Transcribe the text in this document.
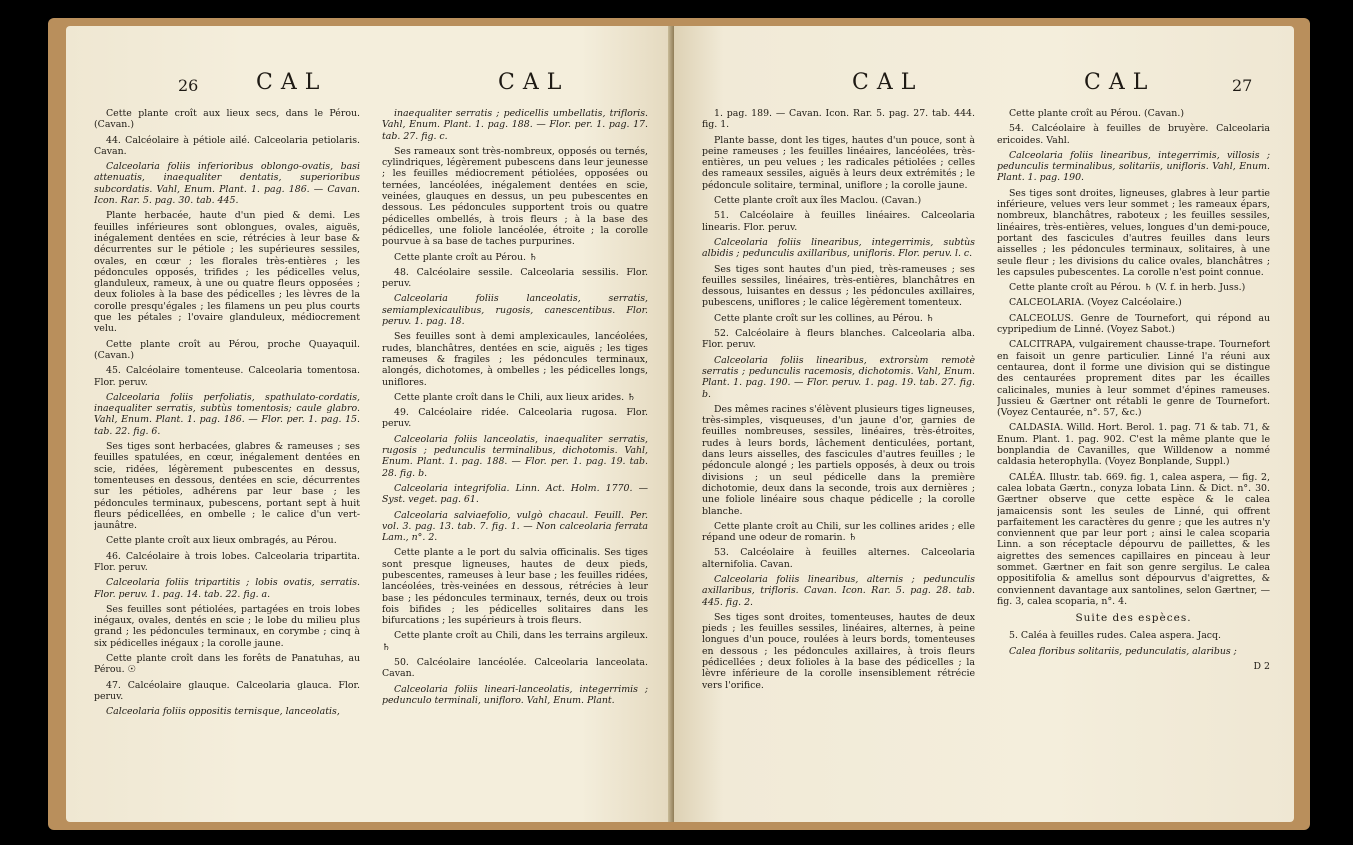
26	CAL	CAL

Cette plante croît aux lieux secs, dans le Pérou. (Cavan.)

44. Calcéolaire à pétiole ailé. Calceolaria petiolaris. Cavan.

Calceolaria foliis inferioribus oblongo-ovatis, basi attenuatis, inaequaliter dentatis, superioribus subcordatis. Vahl, Enum. Plant. 1. pag. 186. — Cavan. Icon. Rar. 5. pag. 30. tab. 445.

Plante herbacée, haute d'un pied & demi. Les feuilles inférieures sont oblongues, ovales, aiguës, inégalement dentées en scie, rétrécies à leur base & décurrentes sur le pétiole ; les supérieures sessiles, ovales, en cœur ; les florales très-entières ; les pédoncules opposés, trifides ; les pédicelles velus, glanduleux, rameux, à une ou quatre fleurs opposées ; deux folioles à la base des pédicelles ; les lèvres de la corolle presqu'égales ; les filamens un peu plus courts que les pétales ; l'ovaire glanduleux, médiocrement velu.

Cette plante croît au Pérou, proche Quayaquil. (Cavan.)

45. Calcéolaire tomenteuse. Calceolaria tomentosa. Flor. peruv.

Calceolaria foliis perfoliatis, spathulato-cordatis, inaequaliter serratis, subtùs tomentosis; caule glabro. Vahl, Enum. Plant. 1. pag. 186. — Flor. per. 1. pag. 15. tab. 22. fig. 6.

Ses tiges sont herbacées, glabres & rameuses ; ses feuilles spatulées, en cœur, inégalement dentées en scie, ridées, légèrement pubescentes en dessus, tomenteuses en dessous, dentées en scie, décurrentes sur les pétioles, adhérens par leur base ; les pédoncules terminaux, pubescens, portant sept à huit fleurs pédicellées, en ombelle ; le calice d'un vert-jaunâtre.

Cette plante croît aux lieux ombragés, au Pérou.

46. Calcéolaire à trois lobes. Calceolaria tripartita. Flor. peruv.

Calceolaria foliis tripartitis ; lobis ovatis, serratis. Flor. peruv. 1. pag. 14. tab. 22. fig. a.

Ses feuilles sont pétiolées, partagées en trois lobes inégaux, ovales, dentés en scie ; le lobe du milieu plus grand ; les pédoncules terminaux, en corymbe ; cinq à six pédicelles inégaux ; la corolle jaune.

Cette plante croît dans les forêts de Panatuhas, au Pérou. ☉

47. Calcéolaire glauque. Calceolaria glauca. Flor. peruv.

Calceolaria foliis oppositis ternisque, lanceolatis,

inaequaliter serratis ; pedicellis umbellatis, trifloris. Vahl, Enum. Plant. 1. pag. 188. — Flor. per. 1. pag. 17. tab. 27. fig. c.

Ses rameaux sont très-nombreux, opposés ou ternés, cylindriques, légèrement pubescens dans leur jeunesse ; les feuilles médiocrement pétiolées, opposées ou ternées, lancéolées, inégalement dentées en scie, veinées, glauques en dessus, un peu pubescentes en dessous. Les pédoncules supportent trois ou quatre pédicelles ombellés, à trois fleurs ; à la base des pédicelles, une foliole lancéolée, étroite ; la corolle pourvue à sa base de taches purpurines.

Cette plante croît au Pérou. ♄

48. Calcéolaire sessile. Calceolaria sessilis. Flor. peruv.

Calceolaria foliis lanceolatis, serratis, semiamplexicaulibus, rugosis, canescentibus. Flor. peruv. 1. pag. 18.

Ses feuilles sont à demi amplexicaules, lancéolées, rudes, blanchâtres, dentées en scie, aiguës ; les tiges rameuses & fragiles ; les pédoncules terminaux, alongés, dichotomes, à ombelles ; les pédicelles longs, uniflores.

Cette plante croît dans le Chili, aux lieux arides. ♄

49. Calcéolaire ridée. Calceolaria rugosa. Flor. peruv.

Calceolaria foliis lanceolatis, inaequaliter serratis, rugosis ; pedunculis terminalibus, dichotomis. Vahl, Enum. Plant. 1. pag. 188. — Flor. per. 1. pag. 19. tab. 28. fig. b.

Calceolaria integrifolia. Linn. Act. Holm. 1770. — Syst. veget. pag. 61.

Calceolaria salviaefolio, vulgò chacaul. Feuill. Per. vol. 3. pag. 13. tab. 7. fig. 1. — Non calceolaria ferrata Lam., n°. 2.

Cette plante a le port du salvia officinalis. Ses tiges sont presque ligneuses, hautes de deux pieds, pubescentes, rameuses à leur base ; les feuilles ridées, lancéolées, très-veinées en dessous, rétrécies à leur base ; les pédoncules terminaux, ternés, deux ou trois fois bifides ; les pédicelles solitaires dans les bifurcations ; les supérieurs à trois fleurs.

Cette plante croît au Chili, dans les terrains argileux. ♄

50. Calcéolaire lancéolée. Calceolaria lanceolata. Cavan.

Calceolaria foliis lineari-lanceolatis, integerrimis ; pedunculo terminali, unifloro. Vahl, Enum. Plant.

CAL	CAL	27

1. pag. 189. — Cavan. Icon. Rar. 5. pag. 27. tab. 444. fig. 1.

Plante basse, dont les tiges, hautes d'un pouce, sont à peine rameuses ; les feuilles linéaires, lancéolées, très-entières, un peu velues ; les radicales pétiolées ; celles des rameaux sessiles, aiguës à leurs deux extrémités ; le pédoncule solitaire, terminal, uniflore ; la corolle jaune.

Cette plante croît aux îles Maclou. (Cavan.)

51. Calcéolaire à feuilles linéaires. Calceolaria linearis. Flor. peruv.

Calceolaria foliis linearibus, integerrimis, subtùs albidis ; pedunculis axillaribus, unifloris. Flor. peruv. l. c.

Ses tiges sont hautes d'un pied, très-rameuses ; ses feuilles sessiles, linéaires, très-entières, blanchâtres en dessous, luisantes en dessus ; les pédoncules axillaires, pubescens, uniflores ; le calice légèrement tomenteux.

Cette plante croît sur les collines, au Pérou. ♄

52. Calcéolaire à fleurs blanches. Calceolaria alba. Flor. peruv.

Calceolaria foliis linearibus, extrorsùm remotè serratis ; pedunculis racemosis, dichotomis. Vahl, Enum. Plant. 1. pag. 190. — Flor. peruv. 1. pag. 19. tab. 27. fig. b.

Des mêmes racines s'élèvent plusieurs tiges ligneuses, très-simples, visqueuses, d'un jaune d'or, garnies de feuilles nombreuses, sessiles, linéaires, très-étroites, rudes à leurs bords, lâchement denticulées, portant, dans leurs aisselles, des fascicules d'autres feuilles ; le pédoncule alongé ; les partiels opposés, à deux ou trois divisions ; un seul pédicelle dans la première dichotomie, deux dans la seconde, trois aux dernières ; une foliole linéaire sous chaque pédicelle ; la corolle blanche.

Cette plante croît au Chili, sur les collines arides ; elle répand une odeur de romarin. ♄

53. Calcéolaire à feuilles alternes. Calceolaria alternifolia. Cavan.

Calceolaria foliis linearibus, alternis ; pedunculis axillaribus, trifloris. Cavan. Icon. Rar. 5. pag. 28. tab. 445. fig. 2.

Ses tiges sont droites, tomenteuses, hautes de deux pieds ; les feuilles sessiles, linéaires, alternes, à peine longues d'un pouce, roulées à leurs bords, tomenteuses en dessous ; les pédoncules axillaires, à trois fleurs pédicellées ; deux folioles à la base des pédicelles ; la lèvre inférieure de la corolle insensiblement rétrécie vers l'orifice.

Cette plante croît au Pérou. (Cavan.)

54. Calcéolaire à feuilles de bruyère. Calceolaria ericoides. Vahl.

Calceolaria foliis linearibus, integerrimis, villosis ; pedunculis terminalibus, solitariis, unifloris. Vahl, Enum. Plant. 1. pag. 190.

Ses tiges sont droites, ligneuses, glabres à leur partie inférieure, velues vers leur sommet ; les rameaux épars, nombreux, blanchâtres, raboteux ; les feuilles sessiles, linéaires, très-entières, velues, longues d'un demi-pouce, portant des fascicules d'autres feuilles dans leurs aisselles ; les pédoncules terminaux, solitaires, à une seule fleur ; les divisions du calice ovales, blanchâtres ; les capsules pubescentes. La corolle n'est point connue.

Cette plante croît au Pérou. ♄ (V. f. in herb. Juss.)

CALCEOLARIA. (Voyez Calcéolaire.)

CALCEOLUS. Genre de Tournefort, qui répond au cypripedium de Linné. (Voyez Sabot.)

CALCITRAPA, vulgairement chausse-trape. Tournefort en faisoit un genre particulier. Linné l'a réuni aux centaurea, dont il forme une division qui se distingue des centaurées proprement dites par les écailles calicinales, munies à leur sommet d'épines rameuses. Jussieu & Gærtner ont rétabli le genre de Tournefort. (Voyez Centaurée, n°. 57, &c.)

CALDASIA. Willd. Hort. Berol. 1. pag. 71 & tab. 71, & Enum. Plant. 1. pag. 902. C'est la même plante que le bonplandia de Cavanilles, que Willdenow a nommé caldasia heterophylla. (Voyez Bonplande, Suppl.)

CALÉA. Illustr. tab. 669. fig. 1, calea aspera, — fig. 2, calea lobata Gærtn., conyza lobata Linn. & Dict. n°. 30. Gærtner observe que cette espèce & le calea jamaicensis sont les seules de Linné, qui offrent parfaitement les caractères du genre ; que les autres n'y conviennent que par leur port ; ainsi le calea scoparia Linn. a son réceptacle dépourvu de paillettes, & les aigrettes des semences capillaires en pinceau à leur sommet. Gærtner en fait son genre sergilus. Le calea oppositifolia & amellus sont dépourvus d'aigrettes, & conviennent davantage aux santolines, selon Gærtner, — fig. 3, calea scoparia, n°. 4.

Suite des espèces.

5. Caléa à feuilles rudes. Calea aspera. Jacq.

Calea floribus solitariis, pedunculatis, alaribus ;

D 2
